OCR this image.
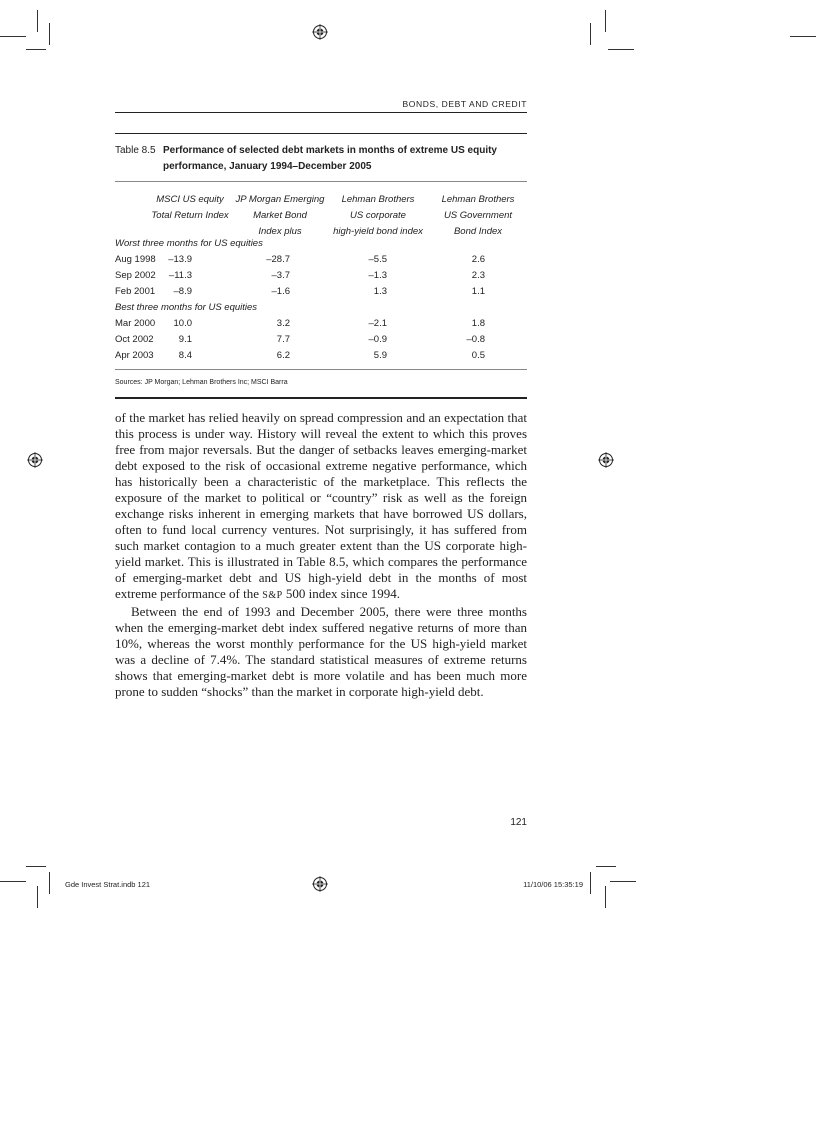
BONDS, DEBT AND CREDIT
Table 8.5 Performance of selected debt markets in months of extreme US equity performance, January 1994–December 2005
MSCI US equity
Total Return Index
JP Morgan Emerging
Market Bond
Index plus
Lehman Brothers
US corporate
high-yield bond index
Lehman Brothers
US Government
Bond Index
Worst three months for US equities
Aug 1998	–13.9	–28.7	–5.5	2.6
Sep 2002	–11.3	–3.7	–1.3	2.3
Feb 2001	–8.9	–1.6	1.3	1.1
Best three months for US equities
Mar 2000	10.0	3.2	–2.1	1.8
Oct 2002	9.1	7.7	–0.9	–0.8
Apr 2003	8.4	6.2	5.9	0.5
Sources: JP Morgan; Lehman Brothers Inc; MSCI Barra

of the market has relied heavily on spread compression and an expectation that this process is under way. History will reveal the extent to which this proves free from major reversals. But the danger of setbacks leaves emerging-market debt exposed to the risk of occasional extreme negative performance, which has historically been a characteristic of the marketplace. This reflects the exposure of the market to political or “country” risk as well as the foreign exchange risks inherent in emerging markets that have borrowed US dollars, often to fund local currency ventures. Not surprisingly, it has suffered from such market contagion to a much greater extent than the US corporate high-yield market. This is illustrated in Table 8.5, which compares the performance of emerging-market debt and US high-yield debt in the months of most extreme performance of the S&P 500 index since 1994.

Between the end of 1993 and December 2005, there were three months when the emerging-market debt index suffered negative returns of more than 10%, whereas the worst monthly performance for the US high-yield market was a decline of 7.4%. The standard statistical measures of extreme returns shows that emerging-market debt is more volatile and has been much more prone to sudden “shocks” than the market in corporate high-yield debt.

121
Gde Invest Strat.indb 121	11/10/06 15:35:19
